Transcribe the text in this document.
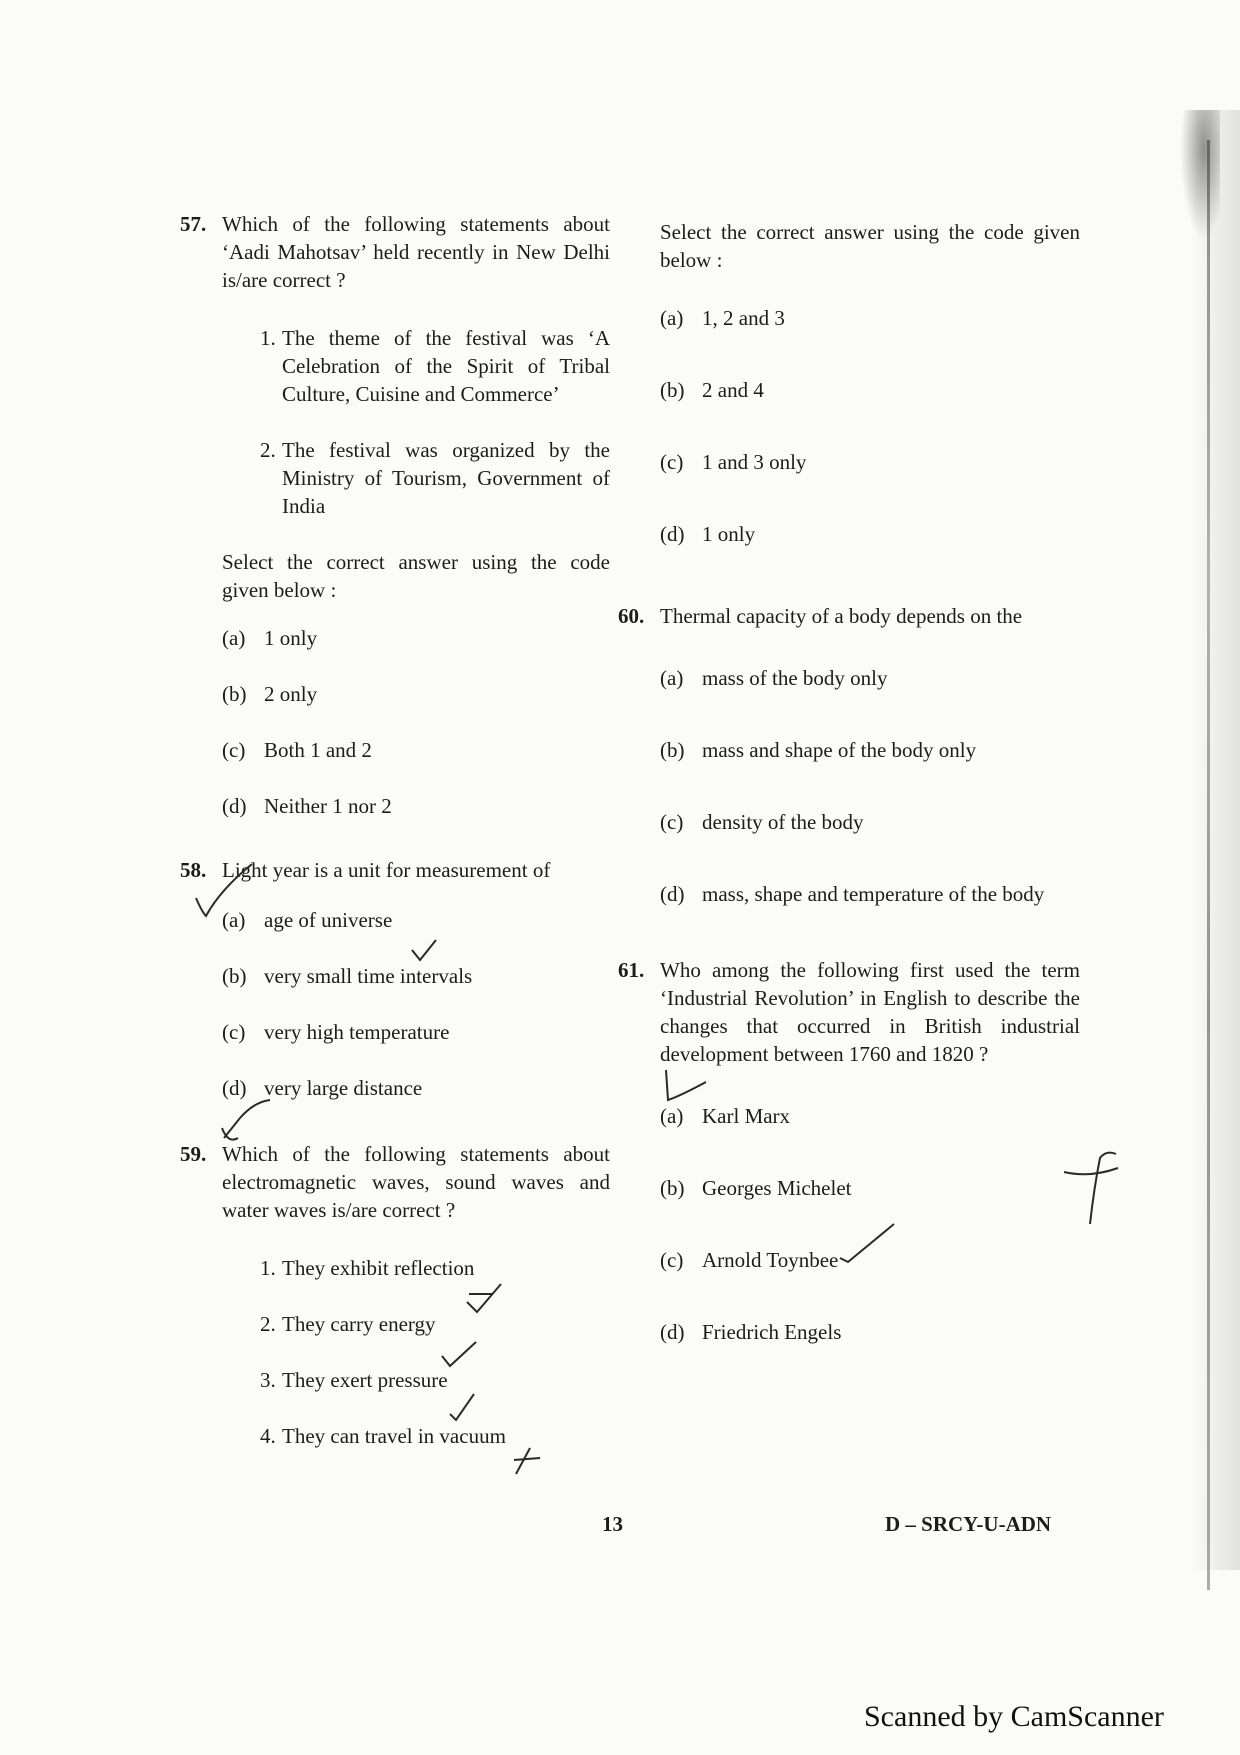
57. Which of the following statements about ‘Aadi Mahotsav’ held recently in New Delhi is/are correct ?
1. The theme of the festival was ‘A Celebration of the Spirit of Tribal Culture, Cuisine and Commerce’
2. The festival was organized by the Ministry of Tourism, Government of India
Select the correct answer using the code given below :
(a) 1 only
(b) 2 only
(c) Both 1 and 2
(d) Neither 1 nor 2
58. Light year is a unit for measurement of
(a) age of universe
(b) very small time intervals
(c) very high temperature
(d) very large distance
59. Which of the following statements about electromagnetic waves, sound waves and water waves is/are correct ?
1. They exhibit reflection
2. They carry energy
3. They exert pressure
4. They can travel in vacuum
Select the correct answer using the code given below :
(a) 1, 2 and 3
(b) 2 and 4
(c) 1 and 3 only
(d) 1 only
60. Thermal capacity of a body depends on the
(a) mass of the body only
(b) mass and shape of the body only
(c) density of the body
(d) mass, shape and temperature of the body
61. Who among the following first used the term ‘Industrial Revolution’ in English to describe the changes that occurred in British industrial development between 1760 and 1820 ?
(a) Karl Marx
(b) Georges Michelet
(c) Arnold Toynbee
(d) Friedrich Engels
13	D – SRCY-U-ADN
Scanned by CamScanner
